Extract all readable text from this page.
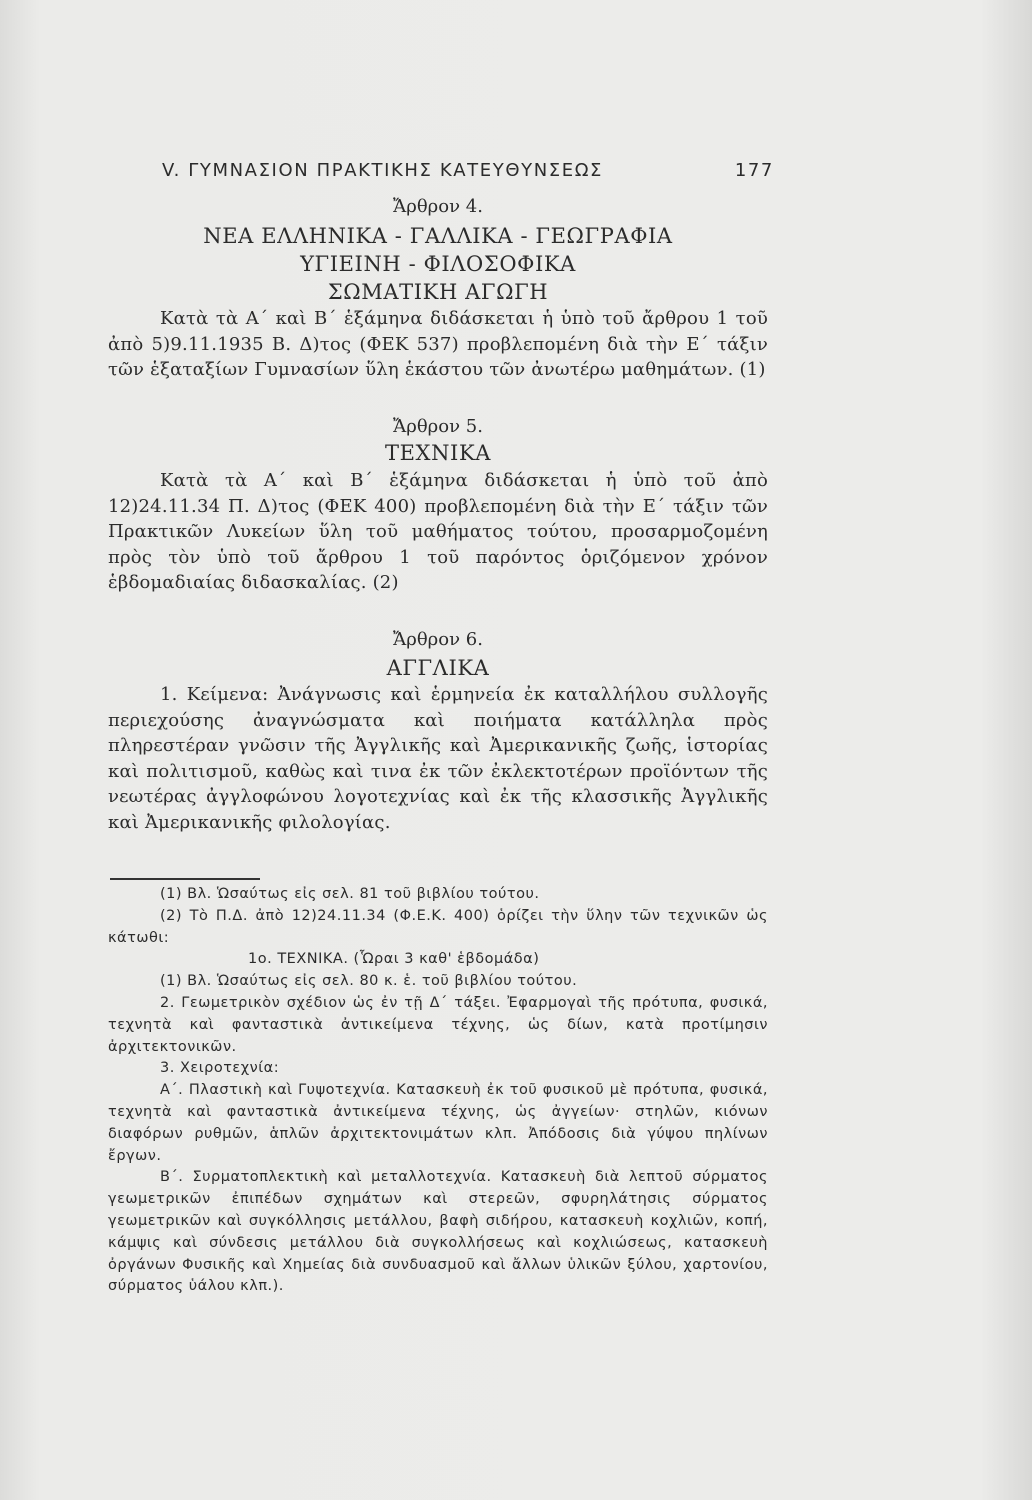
V. ΓΥΜΝΑΣΙΟΝ ΠΡΑΚΤΙΚΗΣ ΚΑΤΕΥΘΥΝΣΕΩΣ	177
Ἄρθρον 4.
ΝΕΑ ΕΛΛΗΝΙΚΑ - ΓΑΛΛΙΚΑ - ΓΕΩΓΡΑΦΙΑ
ΥΓΙΕΙΝΗ - ΦΙΛΟΣΟΦΙΚΑ
ΣΩΜΑΤΙΚΗ ΑΓΩΓΗ
Κατὰ τὰ Α΄ καὶ Β΄ ἑξάμηνα διδάσκεται ἡ ὑπὸ τοῦ ἄρθρου 1 τοῦ ἀπὸ 5)9.11.1935 Β. Δ)τος (ΦΕΚ 537) προβλεπομένη διὰ τὴν Ε΄ τάξιν τῶν ἑξαταξίων Γυμνασίων ὕλη ἑκάστου τῶν ἀνωτέρω μαθημάτων. (1)
Ἄρθρον 5.
ΤΕΧΝΙΚΑ
Κατὰ τὰ Α΄ καὶ Β΄ ἑξάμηνα διδάσκεται ἡ ὑπὸ τοῦ ἀπὸ 12)24.11.34 Π. Δ)τος (ΦΕΚ 400) προβλεπομένη διὰ τὴν Ε΄ τάξιν τῶν Πρακτικῶν Λυκείων ὕλη τοῦ μαθήματος τούτου, προσαρμοζομένη πρὸς τὸν ὑπὸ τοῦ ἄρθρου 1 τοῦ παρόντος ὁριζόμενον χρόνον ἑβδομαδιαίας διδασκαλίας. (2)
Ἄρθρον 6.
ΑΓΓΛΙΚΑ
1. Κείμενα: Ἀνάγνωσις καὶ ἑρμηνεία ἐκ καταλλήλου συλλογῆς περιεχούσης ἀναγνώσματα καὶ ποιήματα κατάλληλα πρὸς πληρεστέραν γνῶσιν τῆς Ἀγγλικῆς καὶ Ἀμερικανικῆς ζωῆς, ἱστορίας καὶ πολιτισμοῦ, καθὼς καὶ τινα ἐκ τῶν ἐκλεκτοτέρων προϊόντων τῆς νεωτέρας ἀγγλοφώνου λογοτεχνίας καὶ ἐκ τῆς κλασσικῆς Ἀγγλικῆς καὶ Ἀμερικανικῆς φιλολογίας.
(1) Βλ. Ὡσαύτως εἰς σελ. 81 τοῦ βιβλίου τούτου.
(2) Τὸ Π.Δ. ἀπὸ 12)24.11.34 (Φ.Ε.Κ. 400) ὁρίζει τὴν ὕλην τῶν τεχνικῶν ὡς κάτωθι:
1ο. ΤΕΧΝΙΚΑ. (Ὧραι 3 καθ' ἑβδομάδα)
(1) Βλ. Ὡσαύτως εἰς σελ. 80 κ. ἑ. τοῦ βιβλίου τούτου.
2. Γεωμετρικὸν σχέδιον ὡς ἐν τῇ Δ΄ τάξει. Ἐφαρμογαὶ τῆς πρότυπα, φυσικά, τεχνητὰ καὶ φανταστικὰ ἀντικείμενα τέχνης, ὡς δίων, κατὰ προτίμησιν ἀρχιτεκτονικῶν.
3. Χειροτεχνία:
Α΄. Πλαστικὴ καὶ Γυψοτεχνία. Κατασκευὴ ἐκ τοῦ φυσικοῦ μὲ πρότυπα, φυσικά, τεχνητὰ καὶ φανταστικὰ ἀντικείμενα τέχνης, ὡς ἀγγείων· στηλῶν, κιόνων διαφόρων ρυθμῶν, ἁπλῶν ἀρχιτεκτονιμάτων κλπ. Ἀπόδοσις διὰ γύψου πηλίνων ἔργων.
Β΄. Συρματοπλεκτικὴ καὶ μεταλλοτεχνία. Κατασκευὴ διὰ λεπτοῦ σύρματος γεωμετρικῶν ἐπιπέδων σχημάτων καὶ στερεῶν, σφυρηλάτησις σύρματος γεωμετρικῶν καὶ συγκόλλησις μετάλλου, βαφὴ σιδήρου, κατασκευὴ κοχλιῶν, κοπή, κάμψις καὶ σύνδεσις μετάλλου διὰ συγκολλήσεως καὶ κοχλιώσεως, κατασκευὴ ὀργάνων Φυσικῆς καὶ Χημείας διὰ συνδυασμοῦ καὶ ἄλλων ὑλικῶν ξύλου, χαρτονίου, σύρματος ὑάλου κλπ.).
